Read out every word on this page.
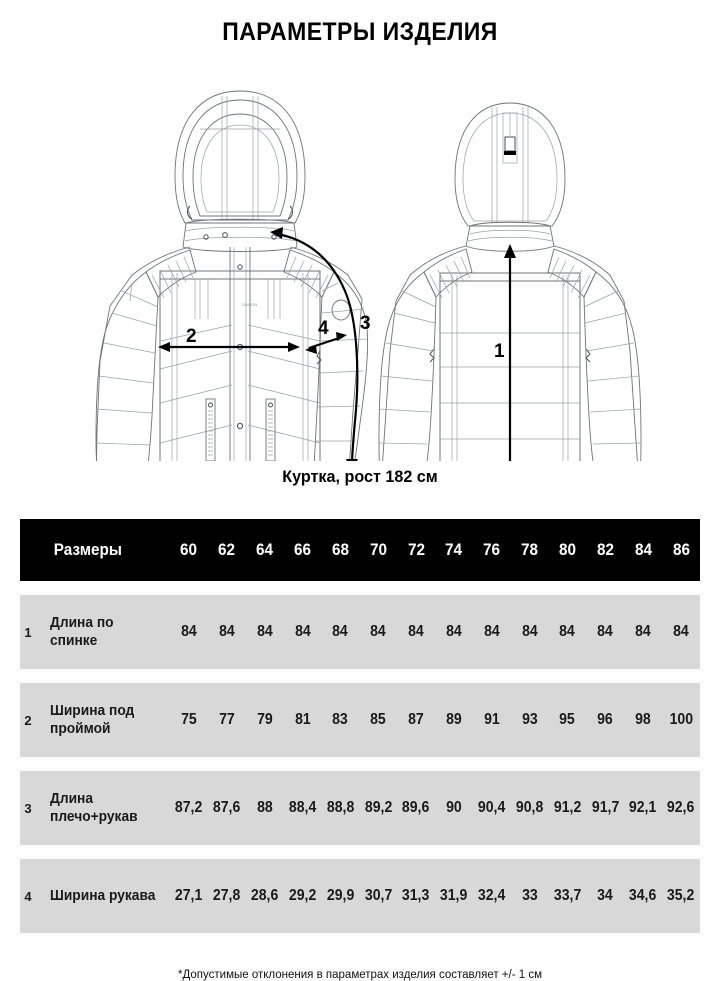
ПАРАМЕТРЫ ИЗДЕЛИЯ
GALION
2	4 3
1
Куртка, рост 182 см
	Размеры	60	62	64	66	68	70	72	74	76	78	80	82	84	86
1	Длина по спинке	84	84	84	84	84	84	84	84	84	84	84	84	84	84
2	Ширина под проймой	75	77	79	81	83	85	87	89	91	93	95	96	98	100
3	Длина плечо+рукав	87,2	87,6	88	88,4	88,8	89,2	89,6	90	90,4	90,8	91,2	91,7	92,1	92,6
4	Ширина рукава	27,1	27,8	28,6	29,2	29,9	30,7	31,3	31,9	32,4	33	33,7	34	34,6	35,2
*Допустимые отклонения в параметрах изделия составляет +/- 1 см
